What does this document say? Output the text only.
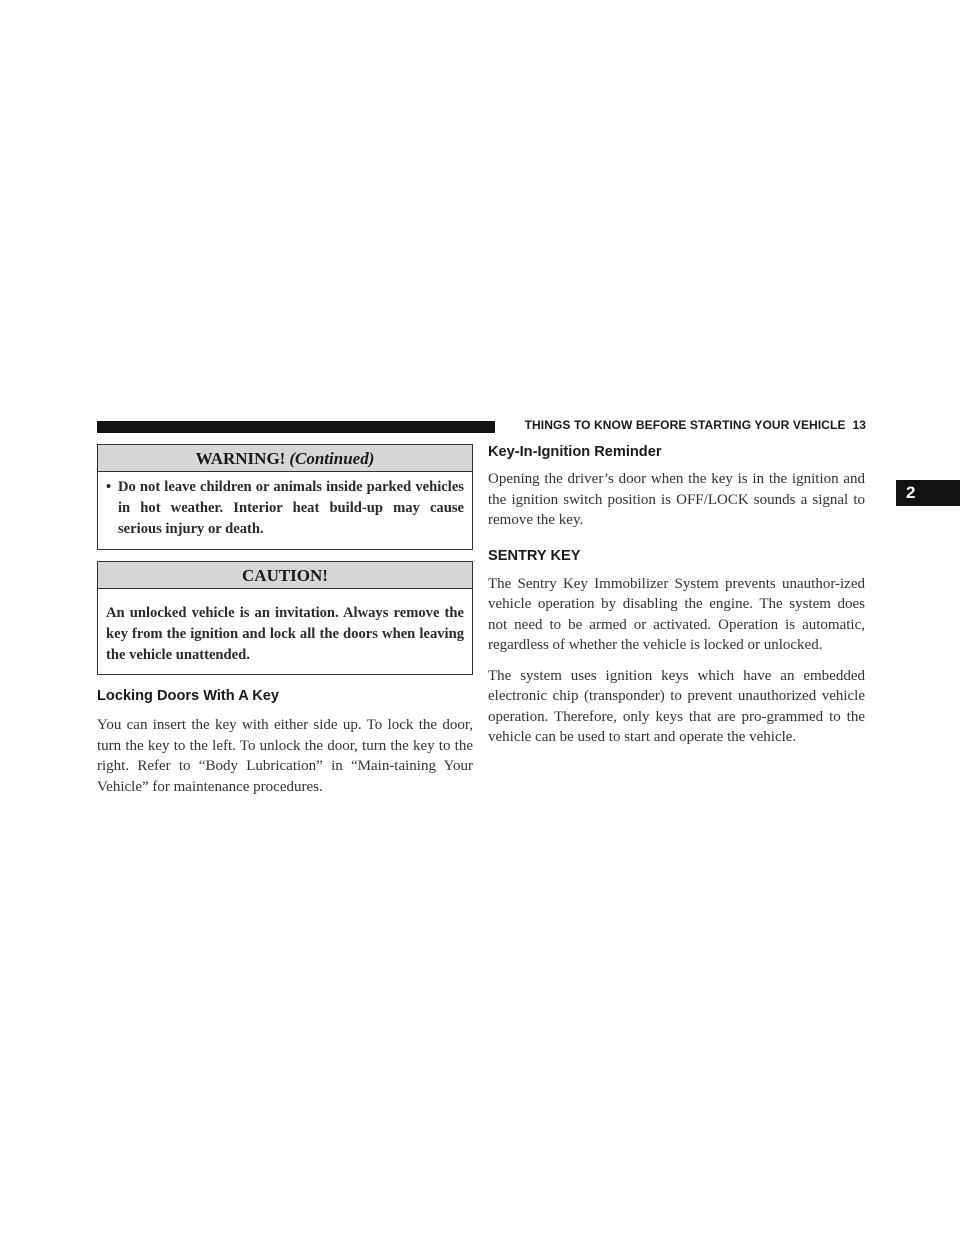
THINGS TO KNOW BEFORE STARTING YOUR VEHICLE 13
2
WARNING! (Continued)
• Do not leave children or animals inside parked vehicles in hot weather. Interior heat build-up may cause serious injury or death.
CAUTION!
An unlocked vehicle is an invitation. Always remove the key from the ignition and lock all the doors when leaving the vehicle unattended.
Locking Doors With A Key

You can insert the key with either side up. To lock the door, turn the key to the left. To unlock the door, turn the key to the right. Refer to “Body Lubrication” in “Main-taining Your Vehicle” for maintenance procedures.

Key-In-Ignition Reminder

Opening the driver’s door when the key is in the ignition and the ignition switch position is OFF/LOCK sounds a signal to remove the key.

SENTRY KEY

The Sentry Key Immobilizer System prevents unauthor-ized vehicle operation by disabling the engine. The system does not need to be armed or activated. Operation is automatic, regardless of whether the vehicle is locked or unlocked.

The system uses ignition keys which have an embedded electronic chip (transponder) to prevent unauthorized vehicle operation. Therefore, only keys that are pro-grammed to the vehicle can be used to start and operate the vehicle.
